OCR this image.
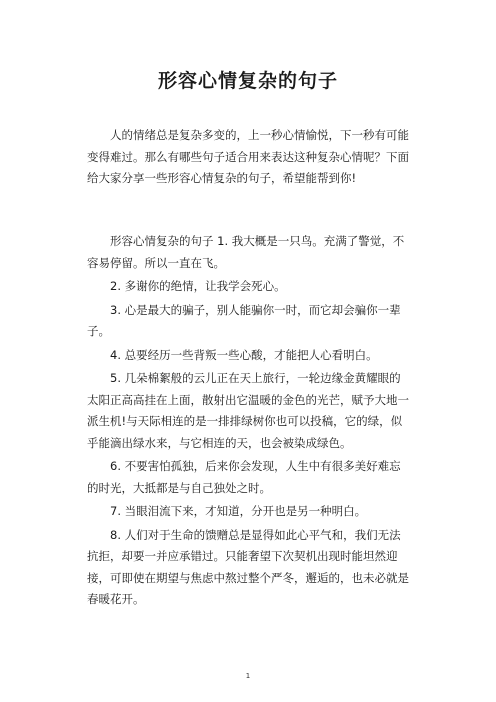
形容心情复杂的句子

人的情绪总是复杂多变的，上一秒心情愉悦，下一秒有可能变得难过。那么有哪些句子适合用来表达这种复杂心情呢？下面给大家分享一些形容心情复杂的句子，希望能帮到你!

形容心情复杂的句子 1. 我大概是一只鸟。充满了警觉，不容易停留。所以一直在飞。

2. 多谢你的绝情，让我学会死心。

3. 心是最大的骗子，别人能骗你一时，而它却会骗你一辈子。

4. 总要经历一些背叛一些心酸，才能把人心看明白。

5. 几朵棉絮般的云儿正在天上旅行，一轮边缘金黄耀眼的太阳正高高挂在上面，散射出它温暖的金色的光芒，赋予大地一派生机!与天际相连的是一排排绿树你也可以投稿，它的绿，似乎能滴出绿水来，与它相连的天，也会被染成绿色。

6. 不要害怕孤独，后来你会发现，人生中有很多美好难忘的时光，大抵都是与自己独处之时。

7. 当眼泪流下来，才知道，分开也是另一种明白。

8. 人们对于生命的馈赠总是显得如此心平气和，我们无法抗拒，却要一并应承错过。只能奢望下次契机出现时能坦然迎接，可即使在期望与焦虑中熬过整个严冬，邂逅的，也未必就是春暖花开。

1
